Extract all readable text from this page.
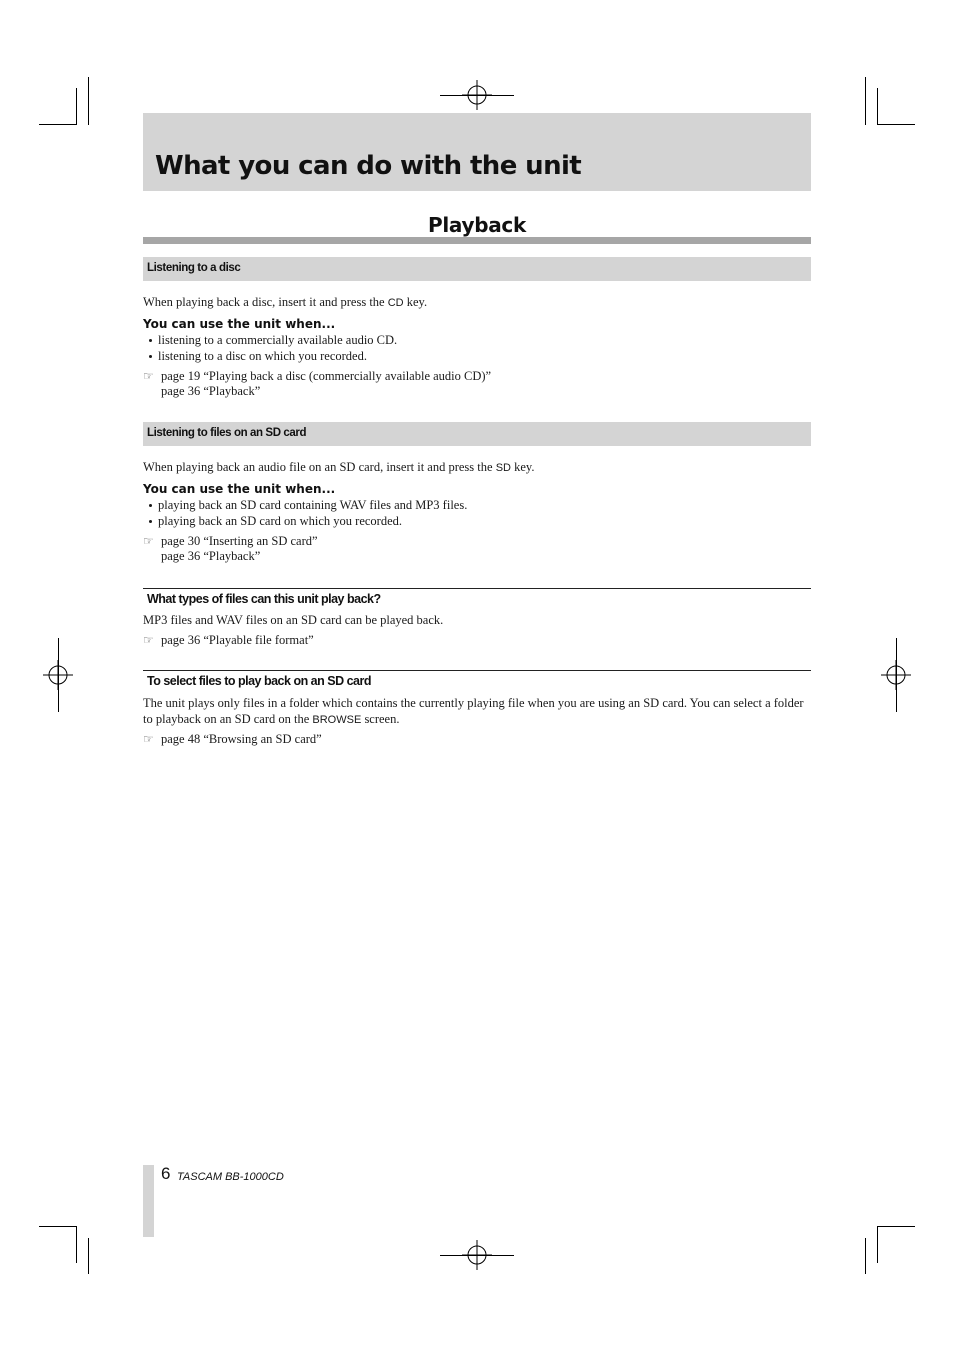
What you can do with the unit
Playback
Listening to a disc

When playing back a disc, insert it and press the CD key.

You can use the unit when...
listening to a commercially available audio CD.
listening to a disc on which you recorded.
☞ page 19 “Playing back a disc (commercially available audio CD)”
page 36 “Playback”
Listening to files on an SD card

When playing back an audio file on an SD card, insert it and press the SD key.

You can use the unit when...
playing back an SD card containing WAV files and MP3 files.
playing back an SD card on which you recorded.
☞ page 30 “Inserting an SD card”
page 36 “Playback”
What types of files can this unit play back?

MP3 files and WAV files on an SD card can be played back.

☞ page 36 “Playable file format”
To select files to play back on an SD card

The unit plays only files in a folder which contains the currently playing file when you are using an SD card. You can select a folder to playback on an SD card on the BROWSE screen.

☞ page 48 “Browsing an SD card”
6 TASCAM BB-1000CD
